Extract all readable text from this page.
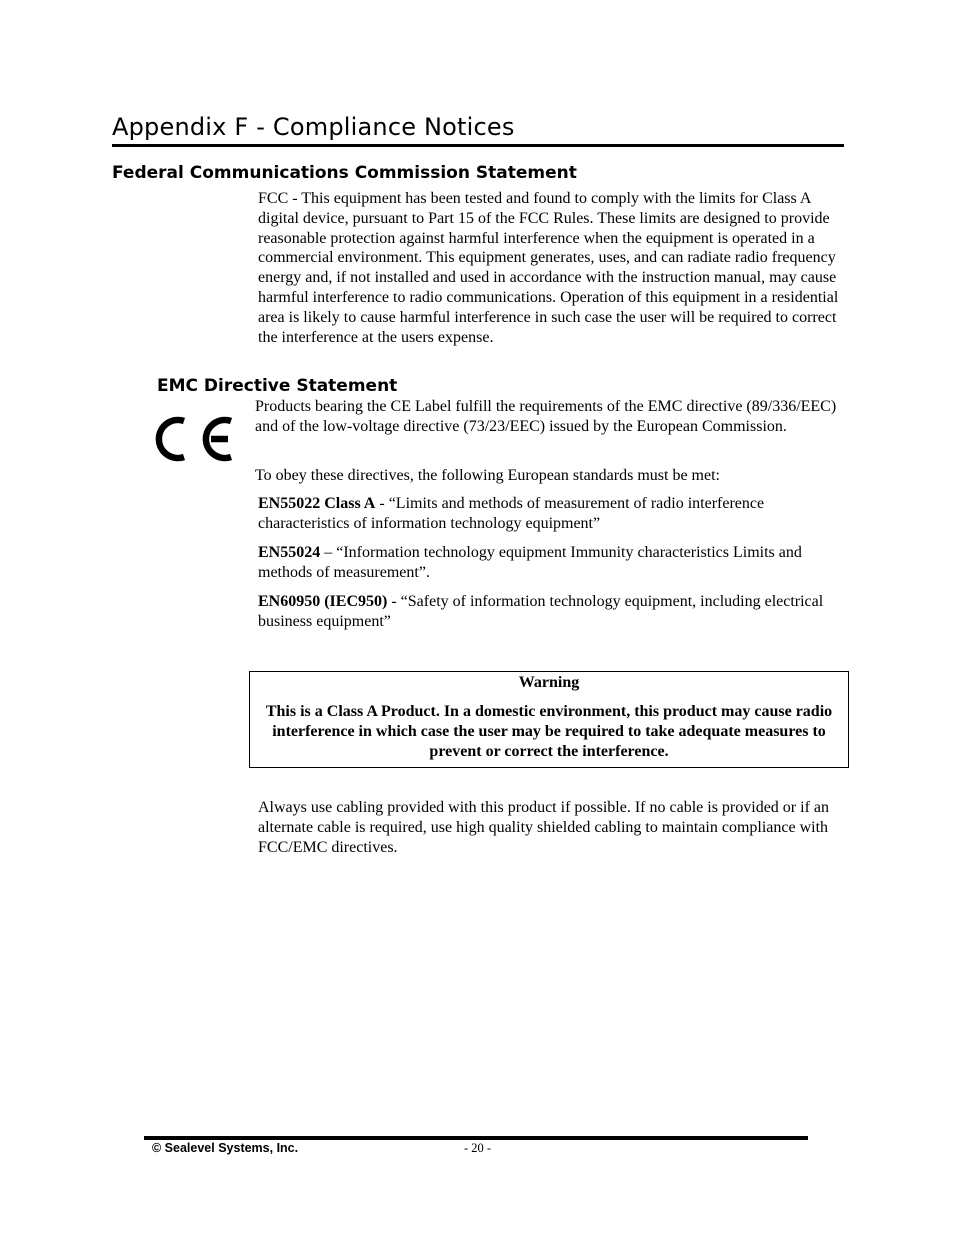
Appendix F - Compliance Notices
Federal Communications Commission Statement

FCC - This equipment has been tested and found to comply with the limits for Class A digital device, pursuant to Part 15 of the FCC Rules. These limits are designed to provide reasonable protection against harmful interference when the equipment is operated in a commercial environment. This equipment generates, uses, and can radiate radio frequency energy and, if not installed and used in accordance with the instruction manual, may cause harmful interference to radio communications. Operation of this equipment in a residential area is likely to cause harmful interference in such case the user will be required to correct the interference at the users expense.

EMC Directive Statement

Products bearing the CE Label fulfill the requirements of the EMC directive (89/336/EEC) and of the low-voltage directive (73/23/EEC) issued by the European Commission.

To obey these directives, the following European standards must be met:

EN55022 Class A - “Limits and methods of measurement of radio interference characteristics of information technology equipment”

EN55024 – “Information technology equipment Immunity characteristics Limits and methods of measurement”.

EN60950 (IEC950) - “Safety of information technology equipment, including electrical business equipment”

Warning
This is a Class A Product. In a domestic environment, this product may cause radio interference in which case the user may be required to take adequate measures to prevent or correct the interference.

Always use cabling provided with this product if possible. If no cable is provided or if an alternate cable is required, use high quality shielded cabling to maintain compliance with FCC/EMC directives.

© Sealevel Systems, Inc.	- 20 -
